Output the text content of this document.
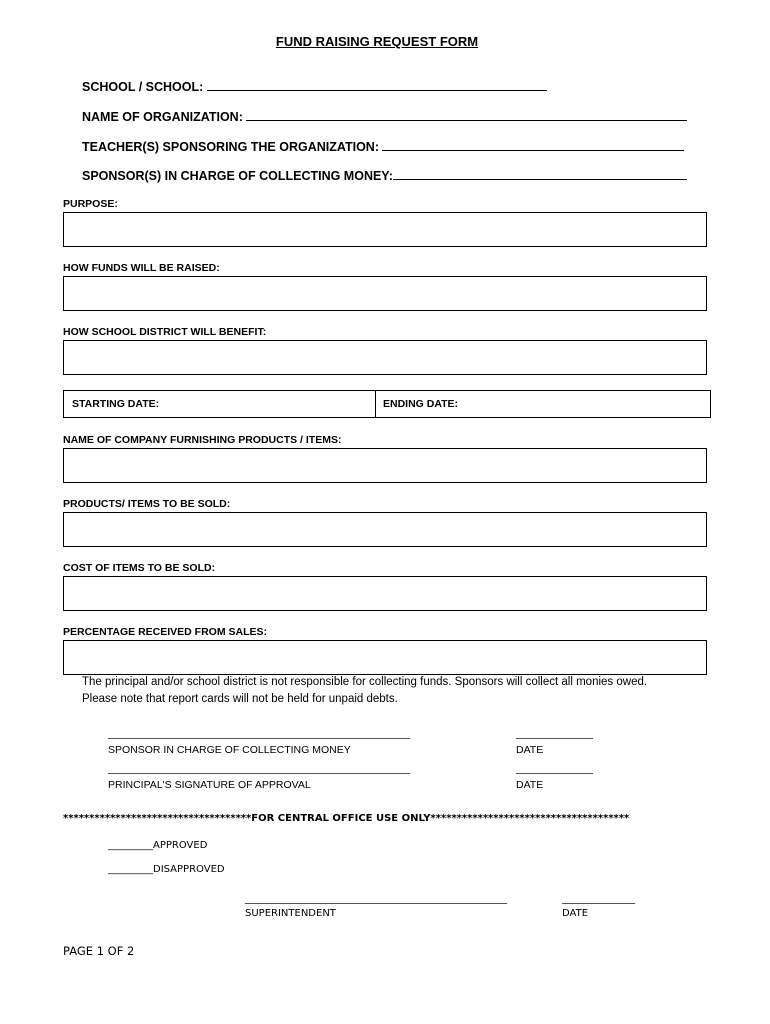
FUND RAISING REQUEST FORM
SCHOOL / SCHOOL:
NAME OF ORGANIZATION:
TEACHER(S) SPONSORING THE ORGANIZATION:
SPONSOR(S) IN CHARGE OF COLLECTING MONEY:
PURPOSE:
HOW FUNDS WILL BE RAISED:
HOW SCHOOL DISTRICT WILL BENEFIT:
STARTING DATE:	ENDING DATE:
NAME OF COMPANY FURNISHING PRODUCTS / ITEMS:
PRODUCTS/ ITEMS TO BE SOLD:
COST OF ITEMS TO BE SOLD:
PERCENTAGE RECEIVED FROM SALES:
The principal and/or school district is not responsible for collecting funds. Sponsors will collect all monies owed.
Please note that report cards will not be held for unpaid debts.
SPONSOR IN CHARGE OF COLLECTING MONEY	DATE
PRINCIPAL'S SIGNATURE OF APPROVAL	DATE
************************************FOR CENTRAL OFFICE USE ONLY**************************************
_________APPROVED
_________DISAPPROVED
SUPERINTENDENT	DATE
PAGE 1 OF 2
